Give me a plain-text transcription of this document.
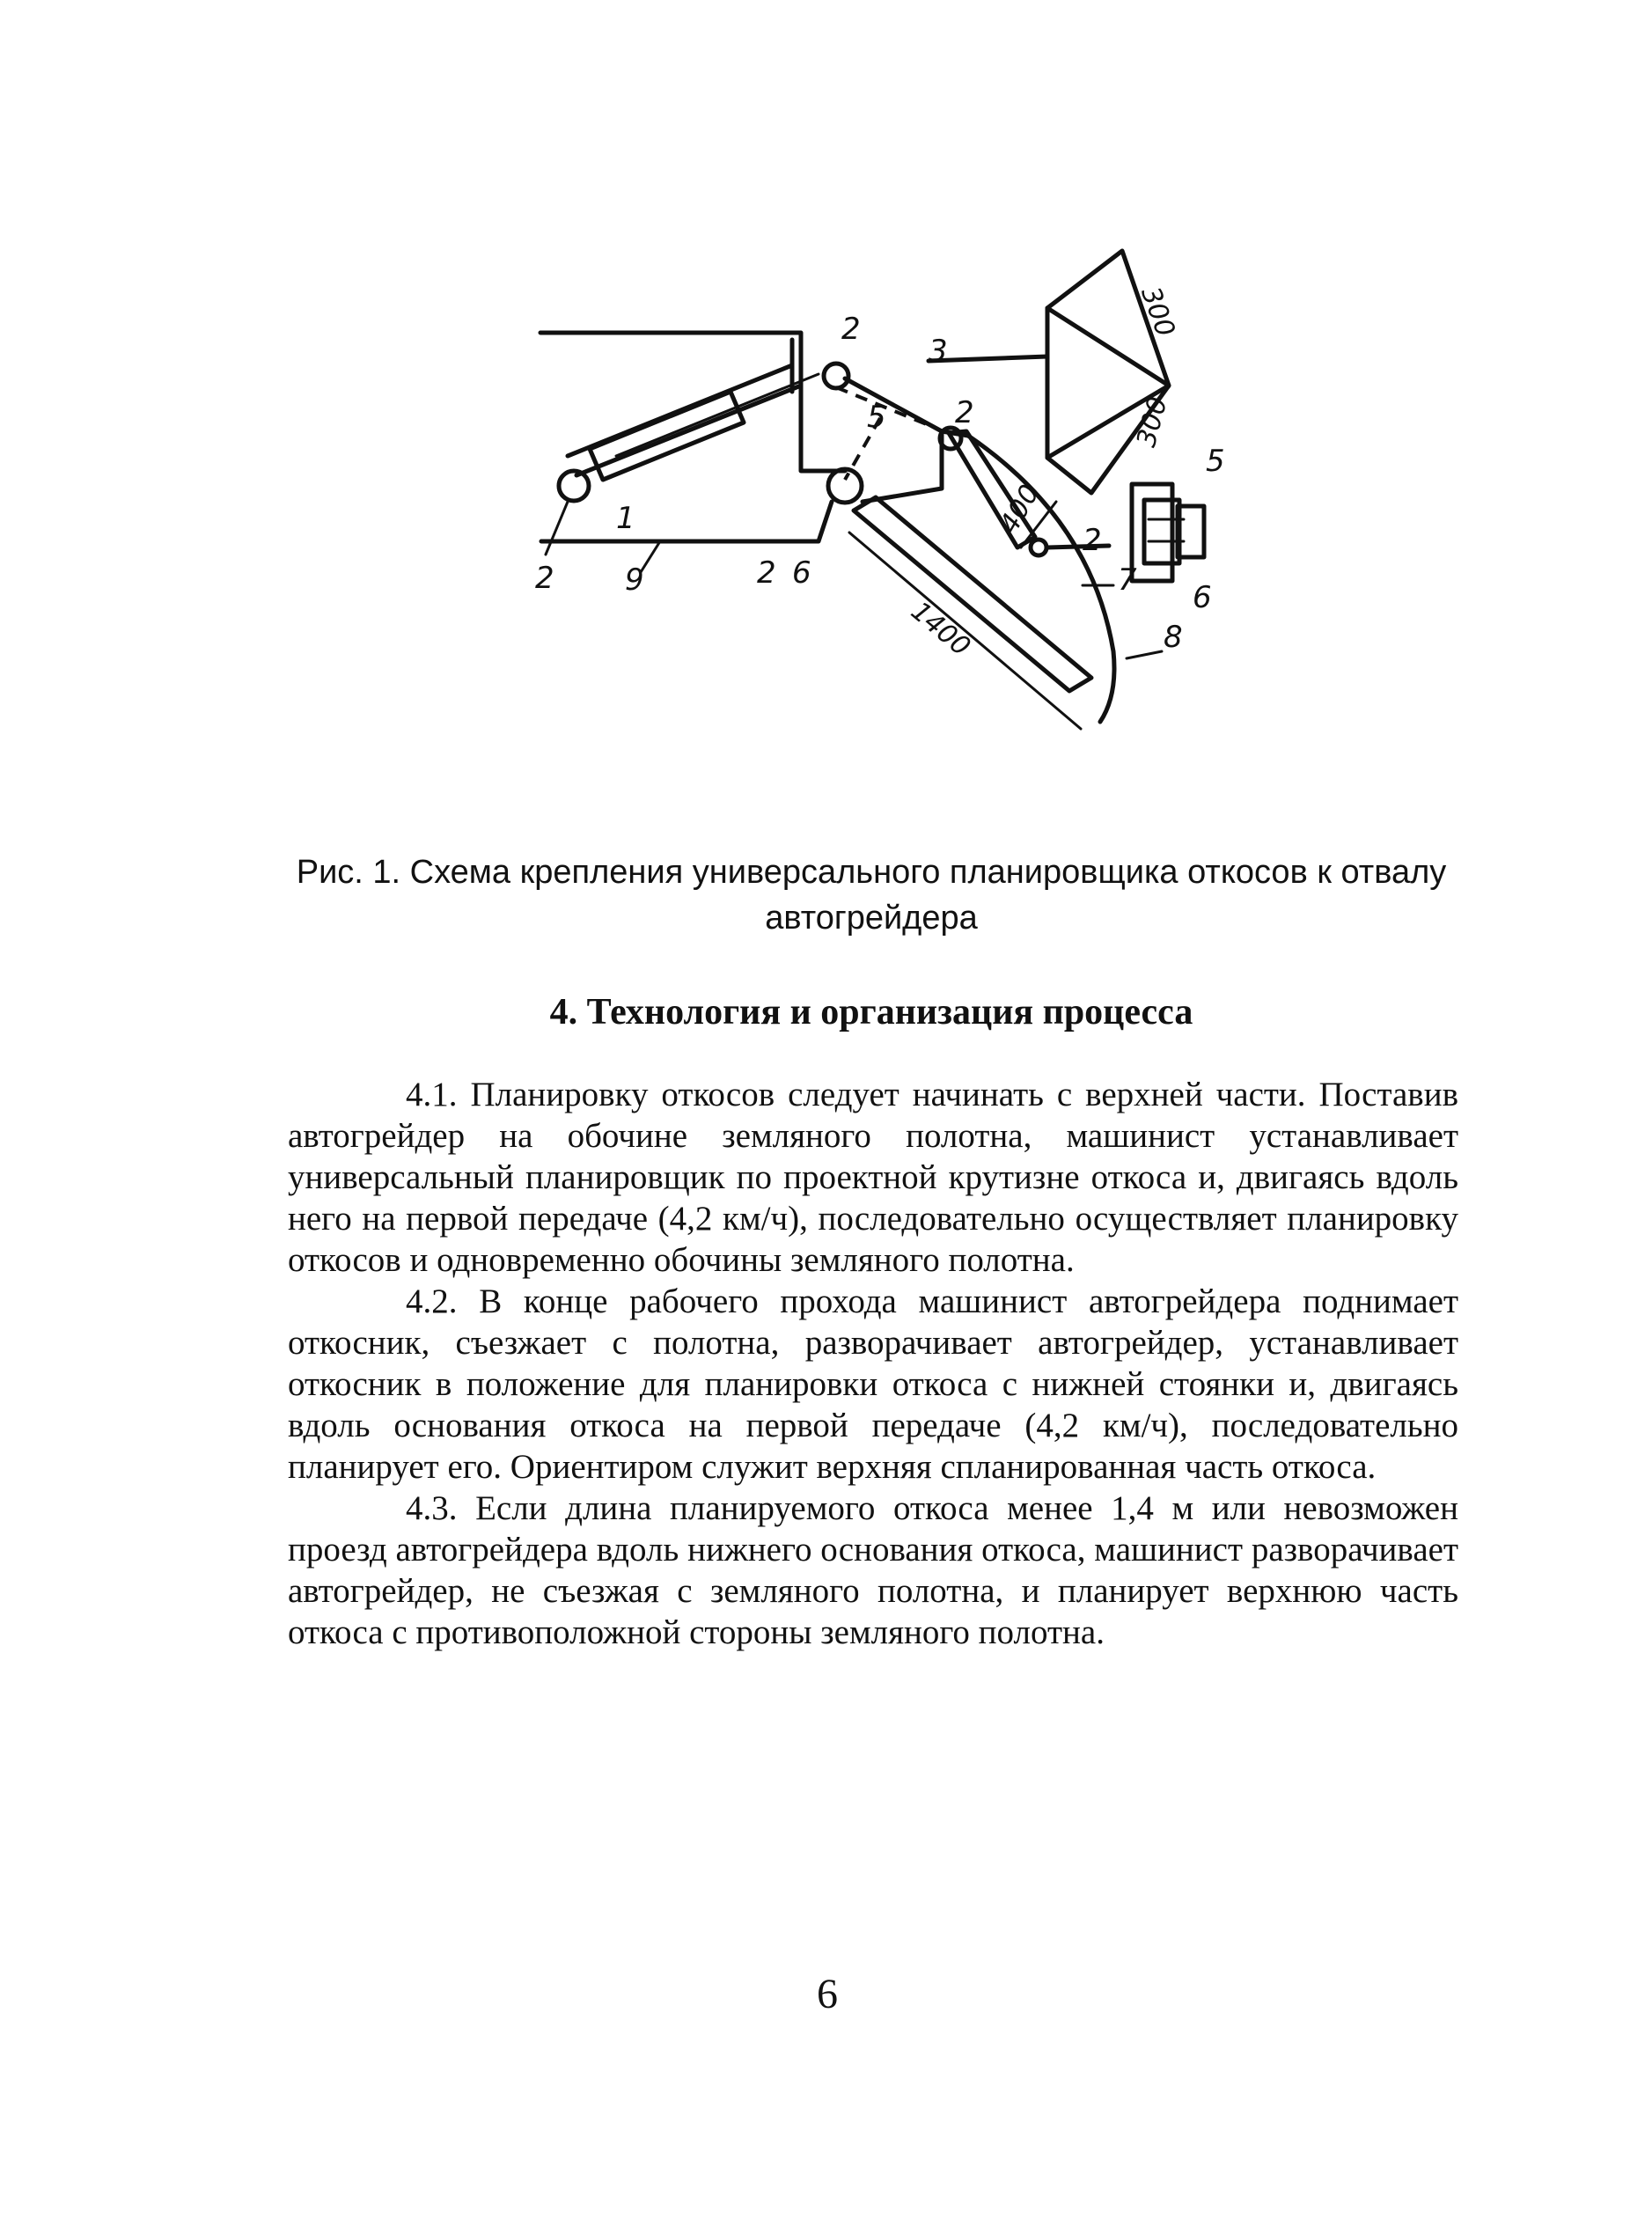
1
2 9
2
3
5 2
2 6
2
7
8
5
6
300
300
400
1400

Рис. 1. Схема крепления универсального планировщика откосов к отвалу
автогрейдера

4. Технология и организация процесса

4.1. Планировку откосов следует начинать с верхней части. Поставив автогрейдер на обочине земляного полотна, машинист устанавливает универсальный планировщик по проектной крутизне откоса и, двигаясь вдоль него на первой передаче (4,2 км/ч), последовательно осуществляет планировку откосов и одновременно обочины земляного полотна.

4.2. В конце рабочего прохода машинист автогрейдера поднимает откосник, съезжает с полотна, разворачивает автогрейдер, устанавливает откосник в положение для планировки откоса с нижней стоянки и, двигаясь вдоль основания откоса на первой передаче (4,2 км/ч), последовательно планирует его. Ориентиром служит верхняя спланированная часть откоса.

4.3. Если длина планируемого откоса менее 1,4 м или невозможен проезд автогрейдера вдоль нижнего основания откоса, машинист разворачивает автогрейдер, не съезжая с земляного полотна, и планирует верхнюю часть откоса с противоположной стороны земляного полотна.

6
